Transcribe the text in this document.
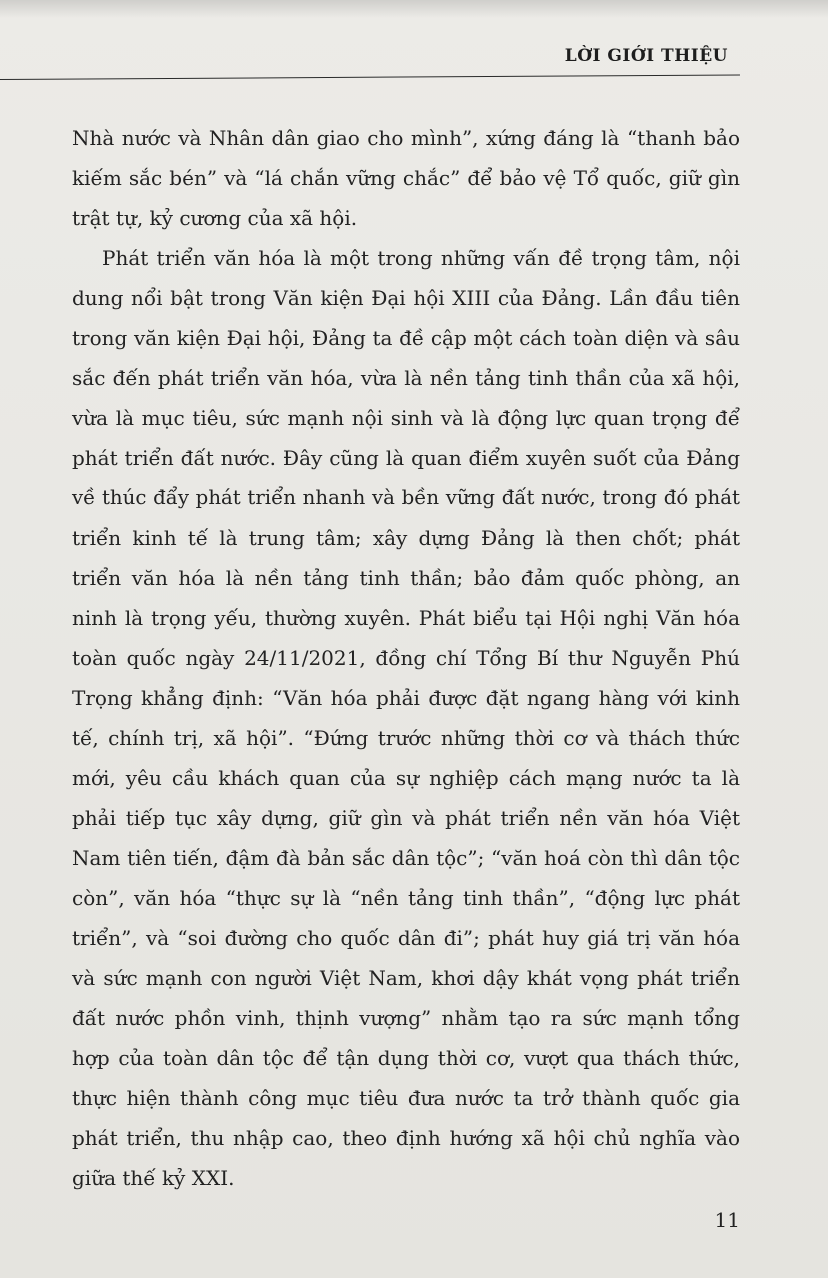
LỜI GIỚI THIỆU
Nhà nước và Nhân dân giao cho mình”, xứng đáng là “thanh bảo
kiếm sắc bén” và “lá chắn vững chắc” để bảo vệ Tổ quốc, giữ gìn
trật tự, kỷ cương của xã hội.
Phát triển văn hóa là một trong những vấn đề trọng tâm, nội
dung nổi bật trong Văn kiện Đại hội XIII của Đảng. Lần đầu tiên
trong văn kiện Đại hội, Đảng ta đề cập một cách toàn diện và sâu
sắc đến phát triển văn hóa, vừa là nền tảng tinh thần của xã hội,
vừa là mục tiêu, sức mạnh nội sinh và là động lực quan trọng để
phát triển đất nước. Đây cũng là quan điểm xuyên suốt của Đảng
về thúc đẩy phát triển nhanh và bền vững đất nước, trong đó phát
triển kinh tế là trung tâm; xây dựng Đảng là then chốt; phát
triển văn hóa là nền tảng tinh thần; bảo đảm quốc phòng, an
ninh là trọng yếu, thường xuyên. Phát biểu tại Hội nghị Văn hóa
toàn quốc ngày 24/11/2021, đồng chí Tổng Bí thư Nguyễn Phú
Trọng khẳng định: “Văn hóa phải được đặt ngang hàng với kinh
tế, chính trị, xã hội”. “Đứng trước những thời cơ và thách thức
mới, yêu cầu khách quan của sự nghiệp cách mạng nước ta là
phải tiếp tục xây dựng, giữ gìn và phát triển nền văn hóa Việt
Nam tiên tiến, đậm đà bản sắc dân tộc”; “văn hoá còn thì dân tộc
còn”, văn hóa “thực sự là “nền tảng tinh thần”, “động lực phát
triển”, và “soi đường cho quốc dân đi”; phát huy giá trị văn hóa
và sức mạnh con người Việt Nam, khơi dậy khát vọng phát triển
đất nước phồn vinh, thịnh vượng” nhằm tạo ra sức mạnh tổng
hợp của toàn dân tộc để tận dụng thời cơ, vượt qua thách thức,
thực hiện thành công mục tiêu đưa nước ta trở thành quốc gia
phát triển, thu nhập cao, theo định hướng xã hội chủ nghĩa vào
giữa thế kỷ XXI.
11
